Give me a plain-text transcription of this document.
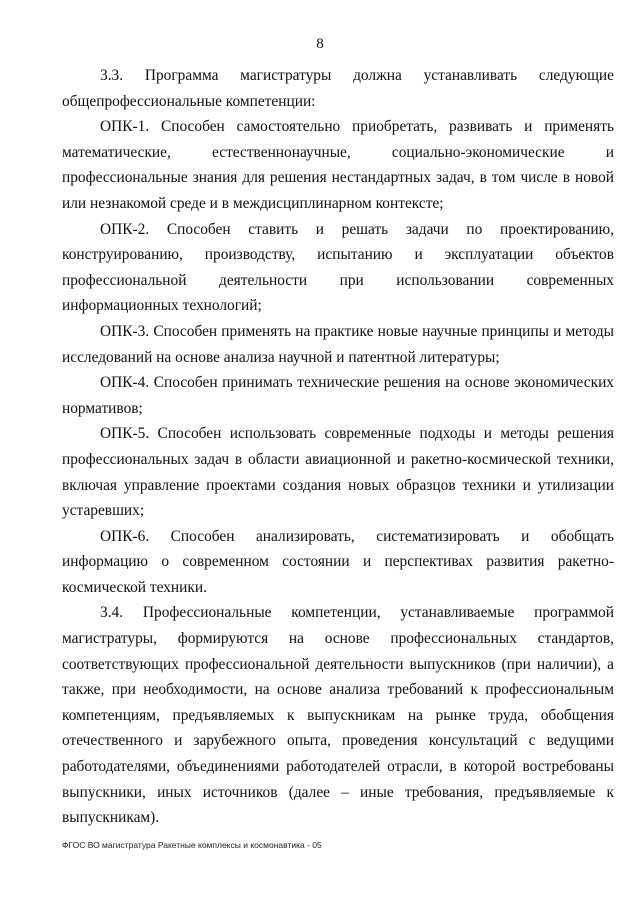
8

3.3. Программа магистратуры должна устанавливать следующие общепрофессиональные компетенции:

ОПК-1. Способен самостоятельно приобретать, развивать и применять математические, естественнонаучные, социально-экономические и профессиональные знания для решения нестандартных задач, в том числе в новой или незнакомой среде и в междисциплинарном контексте;

ОПК-2. Способен ставить и решать задачи по проектированию, конструированию, производству, испытанию и эксплуатации объектов профессиональной деятельности при использовании современных информационных технологий;

ОПК-3. Способен применять на практике новые научные принципы и методы исследований на основе анализа научной и патентной литературы;

ОПК-4. Способен принимать технические решения на основе экономических нормативов;

ОПК-5. Способен использовать современные подходы и методы решения профессиональных задач в области авиационной и ракетно-космической техники, включая управление проектами создания новых образцов техники и утилизации устаревших;

ОПК-6. Способен анализировать, систематизировать и обобщать информацию о современном состоянии и перспективах развития ракетно-космической техники.

3.4. Профессиональные компетенции, устанавливаемые программой магистратуры, формируются на основе профессиональных стандартов, соответствующих профессиональной деятельности выпускников (при наличии), а также, при необходимости, на основе анализа требований к профессиональным компетенциям, предъявляемых к выпускникам на рынке труда, обобщения отечественного и зарубежного опыта, проведения консультаций с ведущими работодателями, объединениями работодателей отрасли, в которой востребованы выпускники, иных источников (далее – иные требования, предъявляемые к выпускникам).

ФГОС ВО магистратура Ракетные комплексы и космонавтика - 05
